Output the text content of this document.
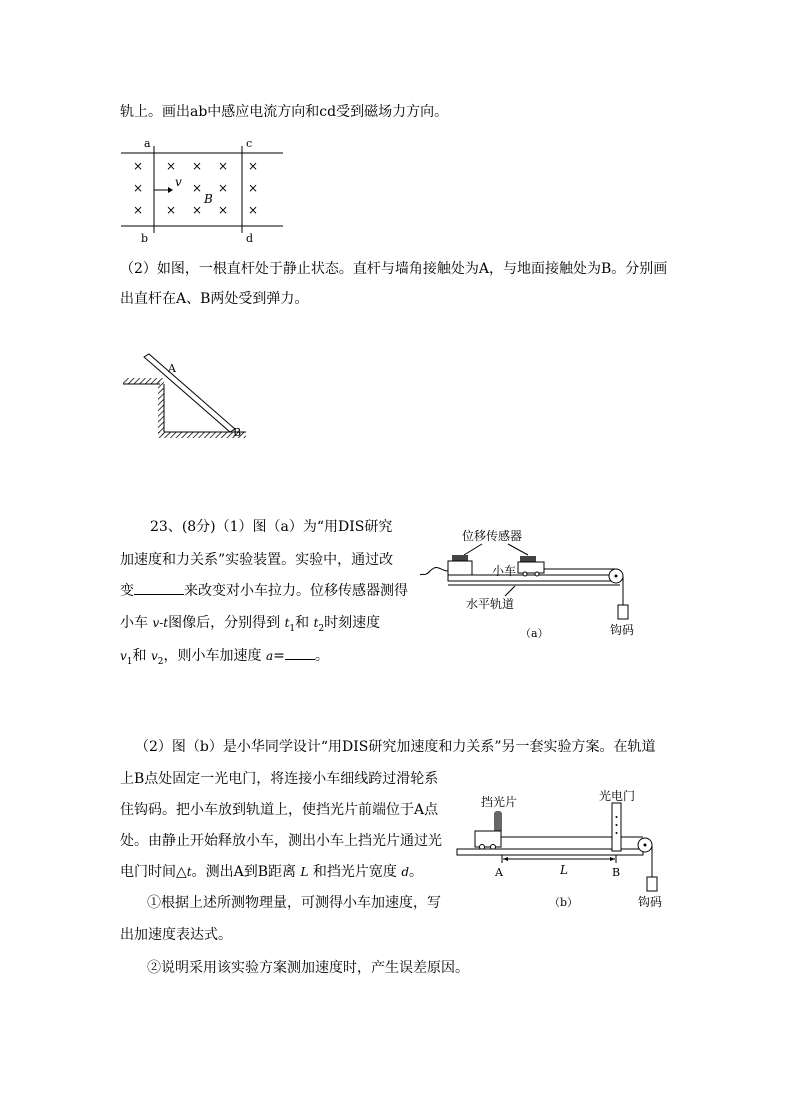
轨上。画出ab中感应电流方向和cd受到磁场力方向。
a	c
b	d
×
×
×
× × ×
× ×
× × ×
×
×
×
v
B
（2）如图，一根直杆处于静止状态。直杆与墙角接触处为A，与地面接触处为B。分别画
出直杆在A、B两处受到弹力。
A
B
23、(8分)（1）图（a）为“用DIS研究
加速度和力关系”实验装置。实验中，通过改
变	来改变对小车拉力。位移传感器测得
小车 v-t图像后，分别得到 $t_1$和 $t_2$时刻速度
$v_1$和 $v_2$，则小车加速度 a= 。
位移传感器
小车
钩码
水平轨道
（a）
（2）图（b）是小华同学设计“用DIS研究加速度和力关系”另一套实验方案。在轨道
上B点处固定一光电门，将连接小车细线跨过滑轮系
住钩码。把小车放到轨道上，使挡光片前端位于A点
处。由静止开始释放小车，测出小车上挡光片通过光
电门时间△t。测出A到B距离 L 和挡光片宽度 d。
①根据上述所测物理量，可测得小车加速度，写
出加速度表达式。
②说明采用该实验方案测加速度时，产生误差原因。
挡光片	光电门
A	L	B
（b）	钩码
